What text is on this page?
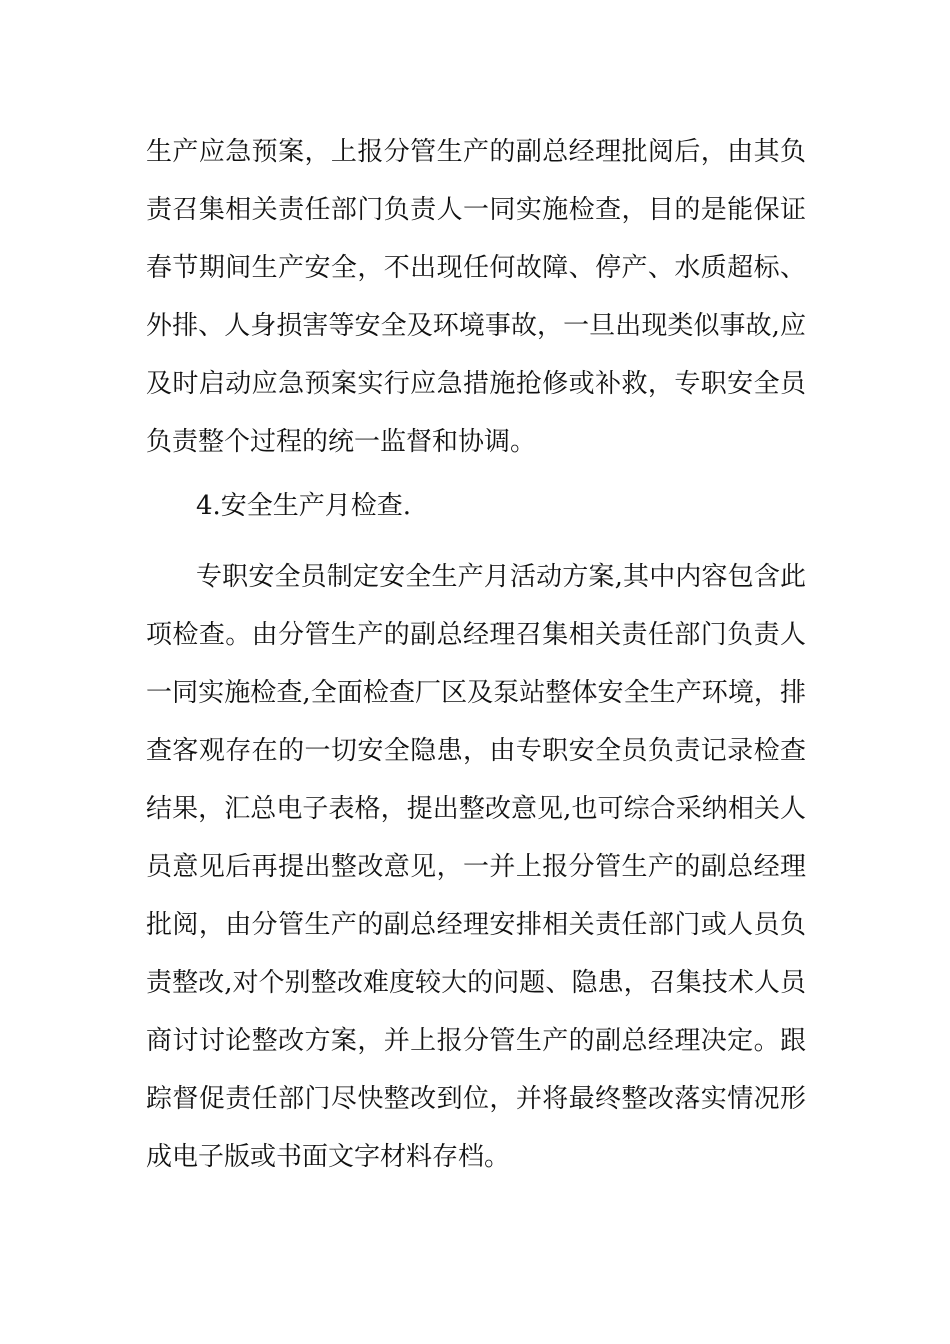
生产应急预案，上报分管生产的副总经理批阅后，由其负

责召集相关责任部门负责人一同实施检查，目的是能保证

春节期间生产安全，不出现任何故障、停产、水质超标、

外排、人身损害等安全及环境事故，一旦出现类似事故,应

及时启动应急预案实行应急措施抢修或补救，专职安全员

负责整个过程的统一监督和协调。

4.安全生产月检查.

专职安全员制定安全生产月活动方案,其中内容包含此

项检查。由分管生产的副总经理召集相关责任部门负责人

一同实施检查,全面检查厂区及泵站整体安全生产环境，排

查客观存在的一切安全隐患，由专职安全员负责记录检查

结果，汇总电子表格，提出整改意见,也可综合采纳相关人

员意见后再提出整改意见，一并上报分管生产的副总经理

批阅，由分管生产的副总经理安排相关责任部门或人员负

责整改,对个别整改难度较大的问题、隐患，召集技术人员

商讨讨论整改方案，并上报分管生产的副总经理决定。跟

踪督促责任部门尽快整改到位，并将最终整改落实情况形

成电子版或书面文字材料存档。
